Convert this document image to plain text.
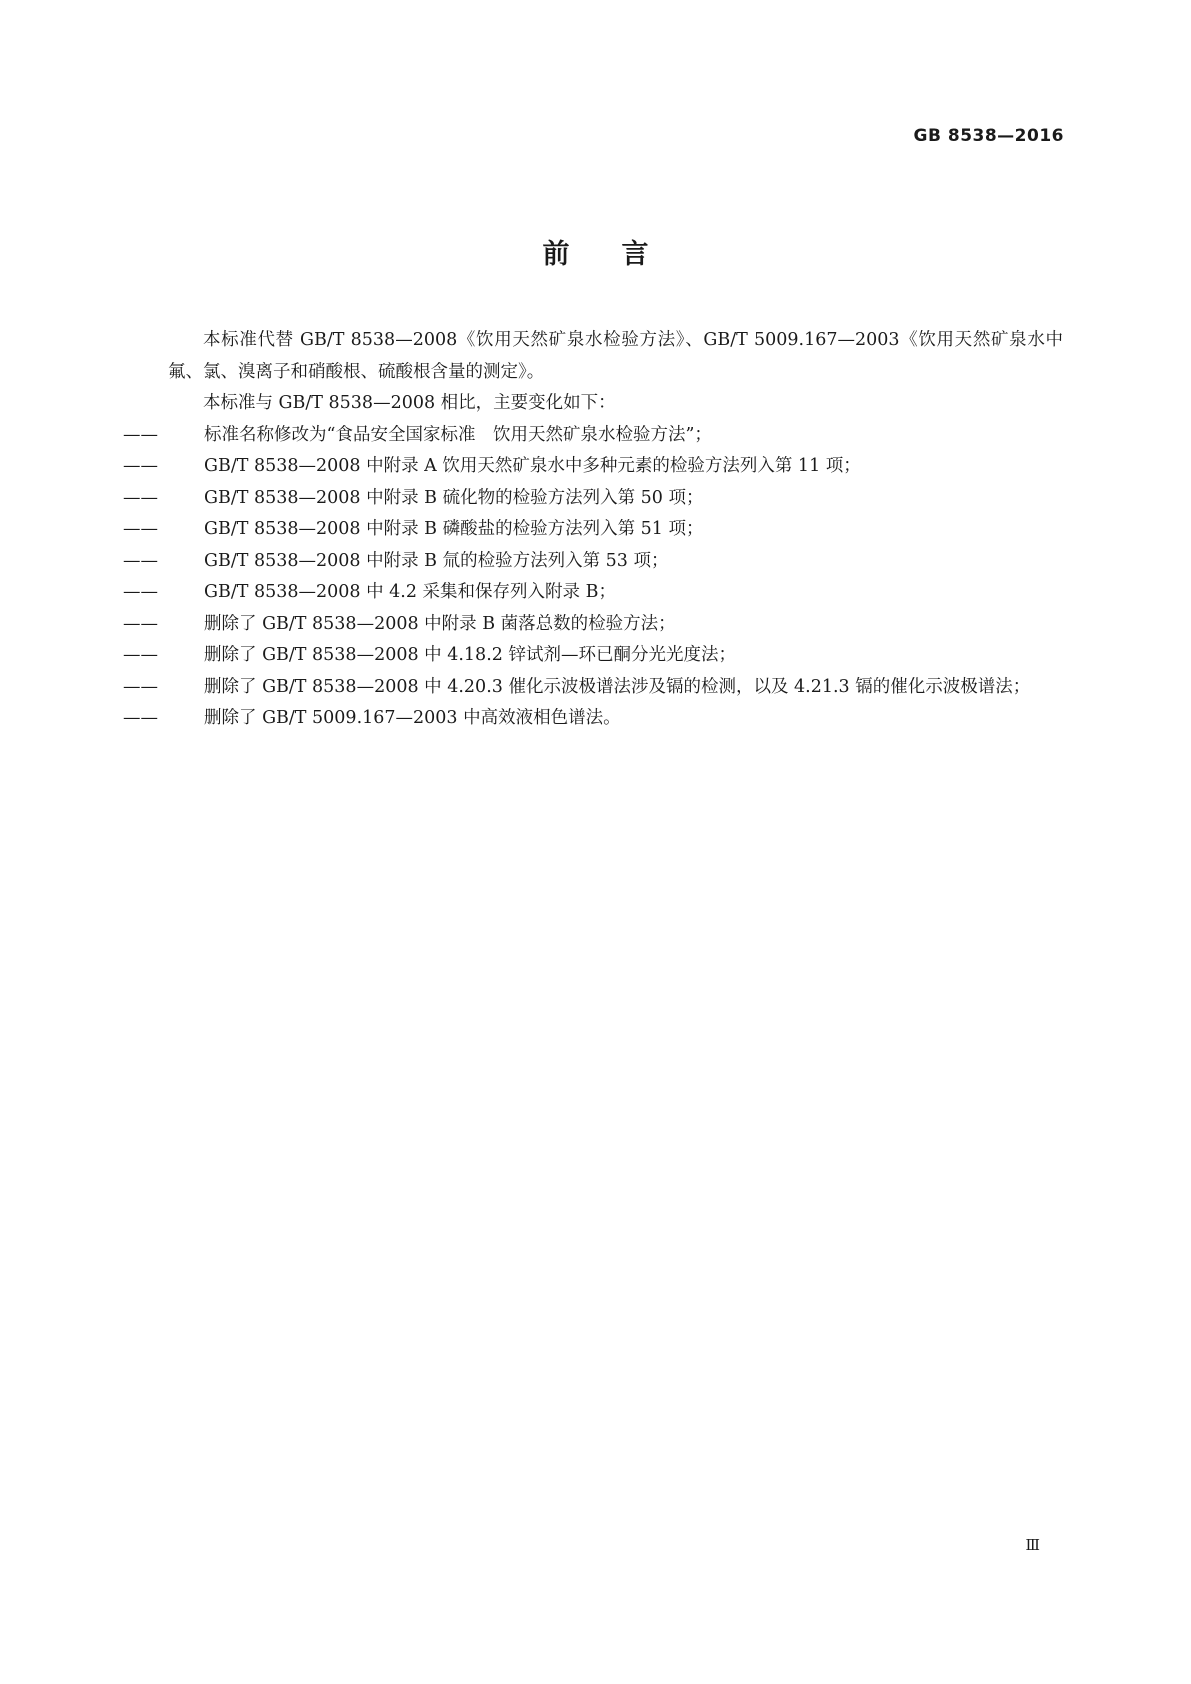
GB 8538—2016
前言

本标准代替 GB/T 8538—2008《饮用天然矿泉水检验方法》、GB/T 5009.167—2003《饮用天然矿泉水中氟、氯、溴离子和硝酸根、硫酸根含量的测定》。

本标准与 GB/T 8538—2008 相比，主要变化如下：

——	标准名称修改为“食品安全国家标准　饮用天然矿泉水检验方法”；

——	GB/T 8538—2008 中附录 A 饮用天然矿泉水中多种元素的检验方法列入第 11 项；

——	GB/T 8538—2008 中附录 B 硫化物的检验方法列入第 50 项；

——	GB/T 8538—2008 中附录 B 磷酸盐的检验方法列入第 51 项；

——	GB/T 8538—2008 中附录 B 氚的检验方法列入第 53 项；

——	GB/T 8538—2008 中 4.2 采集和保存列入附录 B；

——	删除了 GB/T 8538—2008 中附录 B 菌落总数的检验方法；

——	删除了 GB/T 8538—2008 中 4.18.2 锌试剂—环已酮分光光度法；

——	删除了 GB/T 8538—2008 中 4.20.3 催化示波极谱法涉及镉的检测，以及 4.21.3 镉的催化示波极谱法；

——	删除了 GB/T 5009.167—2003 中高效液相色谱法。

Ⅲ
